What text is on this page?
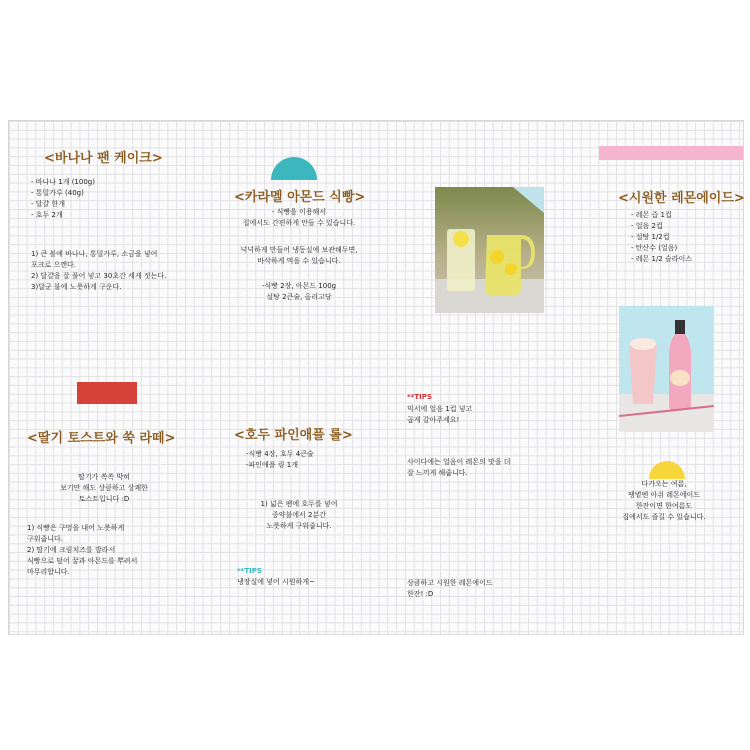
<바나나 팬 케이크>
- 바나나 1개 (100g)
- 통밀가루 (40g)
- 달걀 한개
- 호두 2개
1) 큰 볼에 바나나, 통밀가루, 소금을 넣어
포크로 으깬다.
2) 달걀을 잘 풀어 넣고 30초간 세게 젓는다.
3)달군 불에 노릇하게 구운다.
<카라멜 아몬드 식빵>
- 식빵을 이용해서
집에서도 간편하게 만들 수 있습니다.
넉넉하게 만들어 냉동실에 보관해두면,
바삭하게 먹을 수 있습니다.
-식빵 2장, 아몬드 100g
설탕 2큰술, 올리고당
<시원한 레몬에이드>
- 레몬 즙 1컵
- 얼음 2컵
- 설탕 1/2컵
- 탄산수 (얼음)
- 레몬 1/2 슬라이스
<딸기 토스트와 쑥 라떼>
딸기가 쏙쏙 박혀
보기만 해도 상큼하고 상쾌한
토스트입니다 :D
1) 식빵은 구멍을 내어 노릇하게
구워줍니다.
2) 딸기에 크림치즈를 발라서
식빵으로 덮어 꿀과 아몬드를 뿌려서
마무리합니다.
<호두 파인애플 롤>
-식빵 4장, 호두 4큰술
-파인애플 링 1개
1) 넓은 팬에 호두를 넣어
중약불에서 2분간
노릇하게 구워줍니다.
**TIPS
냉장실에 넣어 시원하게~
**TIPS
믹서에 얼음 1컵 넣고
곱게 갈아주세요!
사이다에는 얼음이 레몬의 맛을 더
잘 느끼게 해줍니다.
상큼하고 시원한 레몬에이드
한잔! :D
다가오는 여름,
땡볕엔 아쉬 레몬에이드
한잔이면 한여름도
집에서도 즐길 수 있습니다.
